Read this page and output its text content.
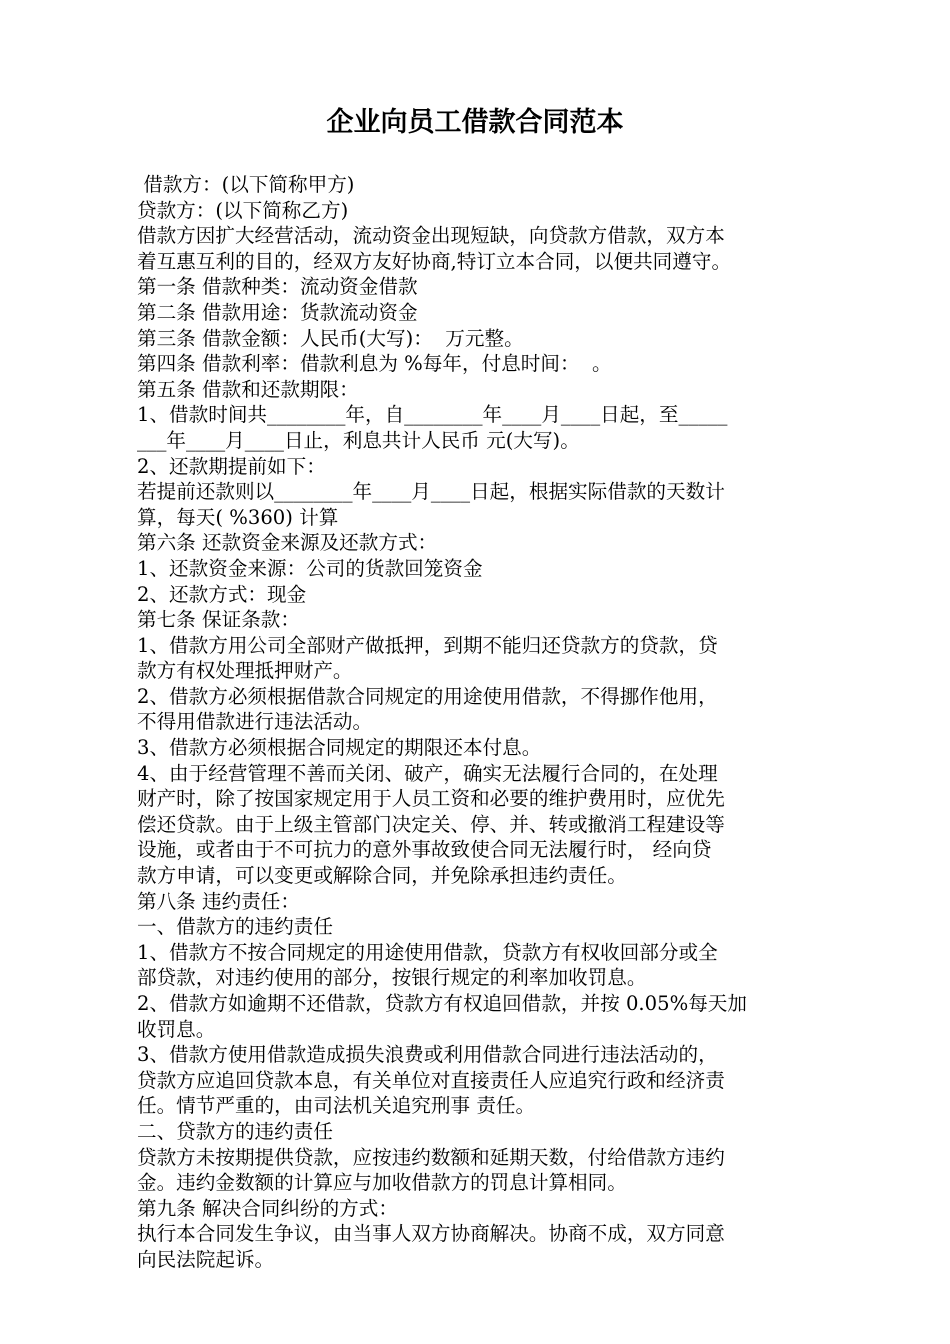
企业向员工借款合同范本
借款方：(以下简称甲方)
贷款方：(以下简称乙方)
借款方因扩大经营活动，流动资金出现短缺，向贷款方借款，双方本
着互惠互利的目的，经双方友好协商,特订立本合同，以便共同遵守。
第一条 借款种类：流动资金借款
第二条 借款用途：货款流动资金
第三条 借款金额：人民币(大写)：  万元整。
第四条 借款利率：借款利息为 %每年，付息时间：  。
第五条 借款和还款期限：
1、借款时间共________年，自________年____月____日起，至_____
___年____月____日止，利息共计人民币 元(大写)。
2、还款期提前如下：
若提前还款则以________年____月____日起，根据实际借款的天数计
算，每天( %360) 计算
第六条 还款资金来源及还款方式：
1、还款资金来源：公司的货款回笼资金
2、还款方式：现金
第七条 保证条款：
1、借款方用公司全部财产做抵押，到期不能归还贷款方的贷款，贷
款方有权处理抵押财产。
2、借款方必须根据借款合同规定的用途使用借款，不得挪作他用，
不得用借款进行违法活动。
3、借款方必须根据合同规定的期限还本付息。
4、由于经营管理不善而关闭、破产，确实无法履行合同的，在处理
财产时，除了按国家规定用于人员工资和必要的维护费用时，应优先
偿还贷款。由于上级主管部门决定关、停、并、转或撤消工程建设等
设施，或者由于不可抗力的意外事故致使合同无法履行时， 经向贷
款方申请，可以变更或解除合同，并免除承担违约责任。
第八条 违约责任：
一、借款方的违约责任
1、借款方不按合同规定的用途使用借款，贷款方有权收回部分或全
部贷款，对违约使用的部分，按银行规定的利率加收罚息。
2、借款方如逾期不还借款，贷款方有权追回借款，并按 0.05%每天加
收罚息。
3、借款方使用借款造成损失浪费或利用借款合同进行违法活动的，
贷款方应追回贷款本息，有关单位对直接责任人应追究行政和经济责
任。情节严重的，由司法机关追究刑事 责任。
二、贷款方的违约责任
贷款方未按期提供贷款，应按违约数额和延期天数，付给借款方违约
金。违约金数额的计算应与加收借款方的罚息计算相同。
第九条 解决合同纠纷的方式：
执行本合同发生争议，由当事人双方协商解决。协商不成，双方同意
向民法院起诉。
